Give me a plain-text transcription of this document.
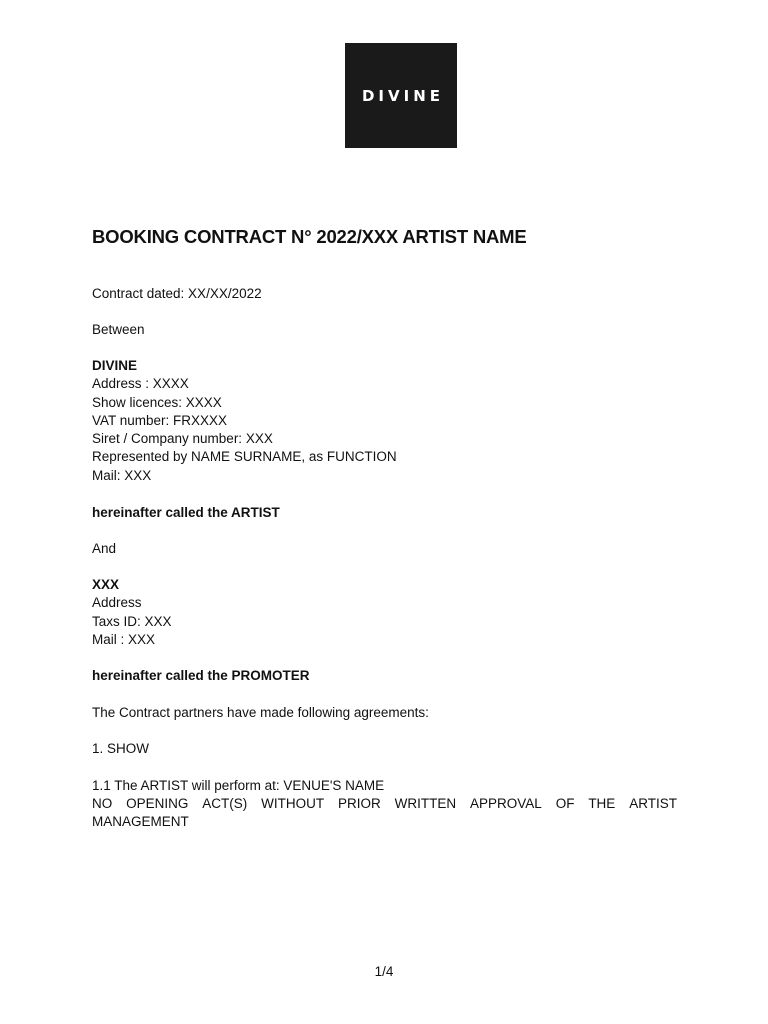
DIVINE
BOOKING CONTRACT N° 2022/XXX ARTIST NAME
Contract dated: XX/XX/2022
Between
DIVINE
Address : XXXX
Show licences: XXXX
VAT number: FRXXXX
Siret / Company number: XXX
Represented by NAME SURNAME, as FUNCTION
Mail: XXX
hereinafter called the ARTIST
And
XXX
Address
Taxs ID: XXX
Mail : XXX
hereinafter called the PROMOTER
The Contract partners have made following agreements:
1. SHOW
1.1 The ARTIST will perform at: VENUE'S NAME
NO OPENING ACT(S) WITHOUT PRIOR WRITTEN APPROVAL OF THE ARTIST
MANAGEMENT
1/4
